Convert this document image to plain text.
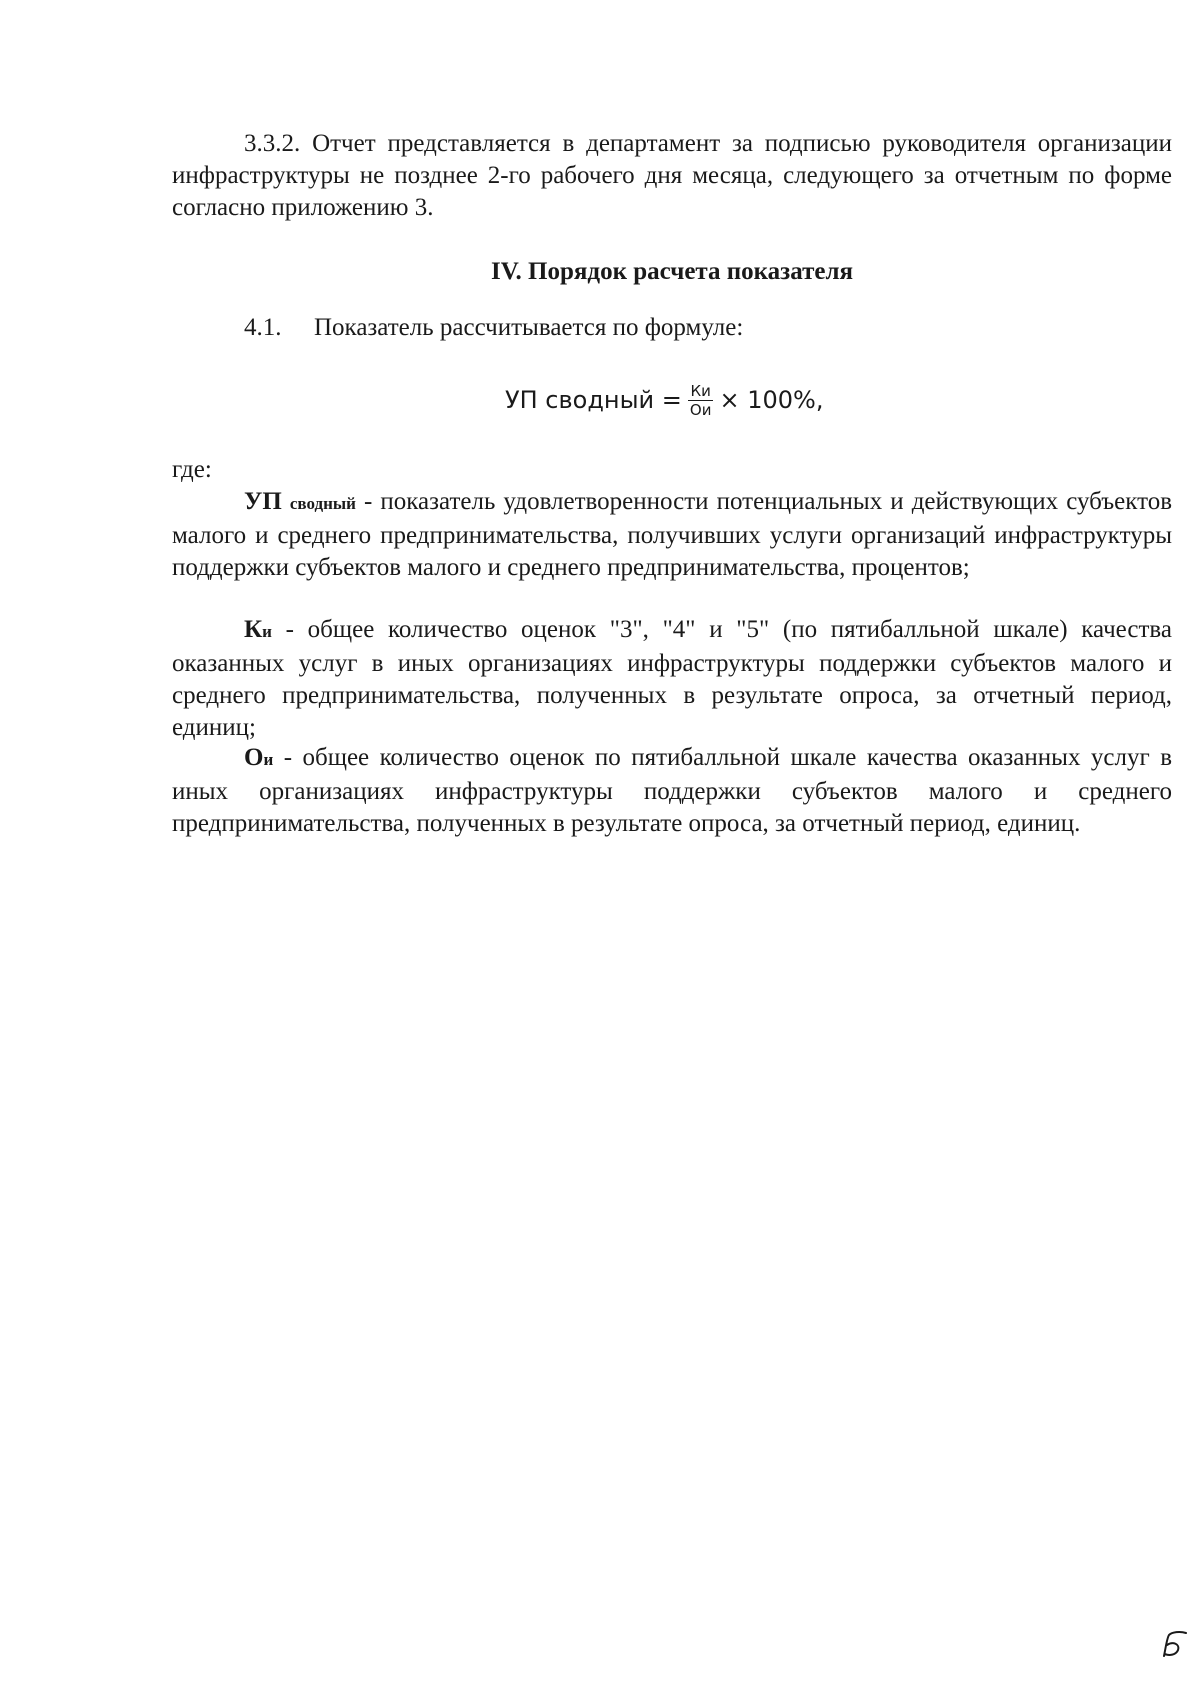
3.3.2. Отчет представляется в департамент за подписью руководителя организации инфраструктуры не позднее 2-го рабочего дня месяца, следующего за отчетным по форме согласно приложению 3.

IV. Порядок расчета показателя

4.1. Показатель рассчитывается по формуле:

УП сводный = $\frac{Ки}{Ои} \times 100\%$,

где:

УП сводный - показатель удовлетворенности потенциальных и действующих субъектов малого и среднего предпринимательства, получивших услуги организаций инфраструктуры поддержки субъектов малого и среднего предпринимательства, процентов;

Ки - общее количество оценок "3", "4" и "5" (по пятибалльной шкале) качества оказанных услуг в иных организациях инфраструктуры поддержки субъектов малого и среднего предпринимательства, полученных в результате опроса, за отчетный период, единиц;

Ои - общее количество оценок по пятибалльной шкале качества оказанных услуг в иных организациях инфраструктуры поддержки субъектов малого и среднего предпринимательства, полученных в результате опроса, за отчетный период, единиц.
